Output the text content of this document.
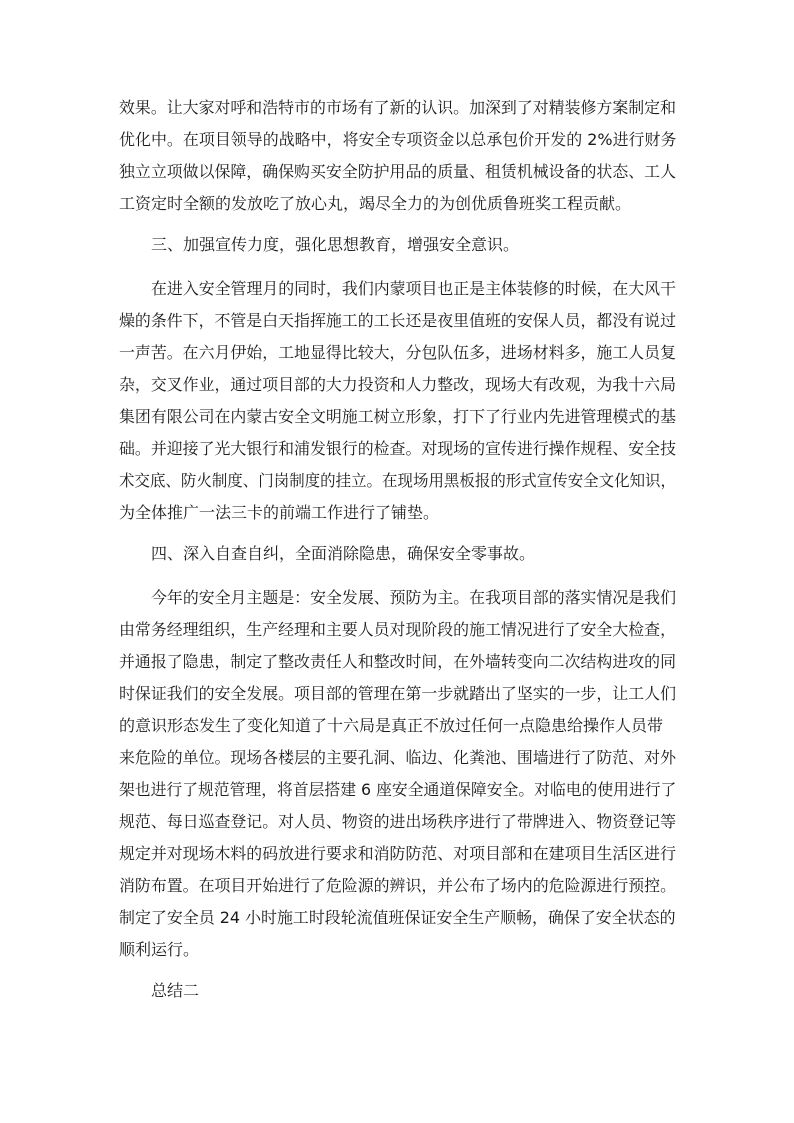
效果。让大家对呼和浩特市的市场有了新的认识。加深到了对精装修方案制定和
优化中。在项目领导的战略中，将安全专项资金以总承包价开发的 2%进行财务
独立立项做以保障，确保购买安全防护用品的质量、租赁机械设备的状态、工人
工资定时全额的发放吃了放心丸，竭尽全力的为创优质鲁班奖工程贡献。
三、加强宣传力度，强化思想教育，增强安全意识。
在进入安全管理月的同时，我们内蒙项目也正是主体装修的时候，在大风干
燥的条件下，不管是白天指挥施工的工长还是夜里值班的安保人员，都没有说过
一声苦。在六月伊始，工地显得比较大，分包队伍多，进场材料多，施工人员复
杂，交叉作业，通过项目部的大力投资和人力整改，现场大有改观，为我十六局
集团有限公司在内蒙古安全文明施工树立形象，打下了行业内先进管理模式的基
础。并迎接了光大银行和浦发银行的检查。对现场的宣传进行操作规程、安全技
术交底、防火制度、门岗制度的挂立。在现场用黑板报的形式宣传安全文化知识，
为全体推广一法三卡的前端工作进行了铺垫。
四、深入自查自纠，全面消除隐患，确保安全零事故。
今年的安全月主题是：安全发展、预防为主。在我项目部的落实情况是我们
由常务经理组织，生产经理和主要人员对现阶段的施工情况进行了安全大检查，
并通报了隐患，制定了整改责任人和整改时间，在外墙转变向二次结构进攻的同
时保证我们的安全发展。项目部的管理在第一步就踏出了坚实的一步，让工人们
的意识形态发生了变化知道了十六局是真正不放过任何一点隐患给操作人员带
来危险的单位。现场各楼层的主要孔洞、临边、化粪池、围墙进行了防范、对外
架也进行了规范管理，将首层搭建 6 座安全通道保障安全。对临电的使用进行了
规范、每日巡查登记。对人员、物资的进出场秩序进行了带牌进入、物资登记等
规定并对现场木料的码放进行要求和消防防范、对项目部和在建项目生活区进行
消防布置。在项目开始进行了危险源的辨识，并公布了场内的危险源进行预控。
制定了安全员 24 小时施工时段轮流值班保证安全生产顺畅，确保了安全状态的
顺利运行。
总结二
